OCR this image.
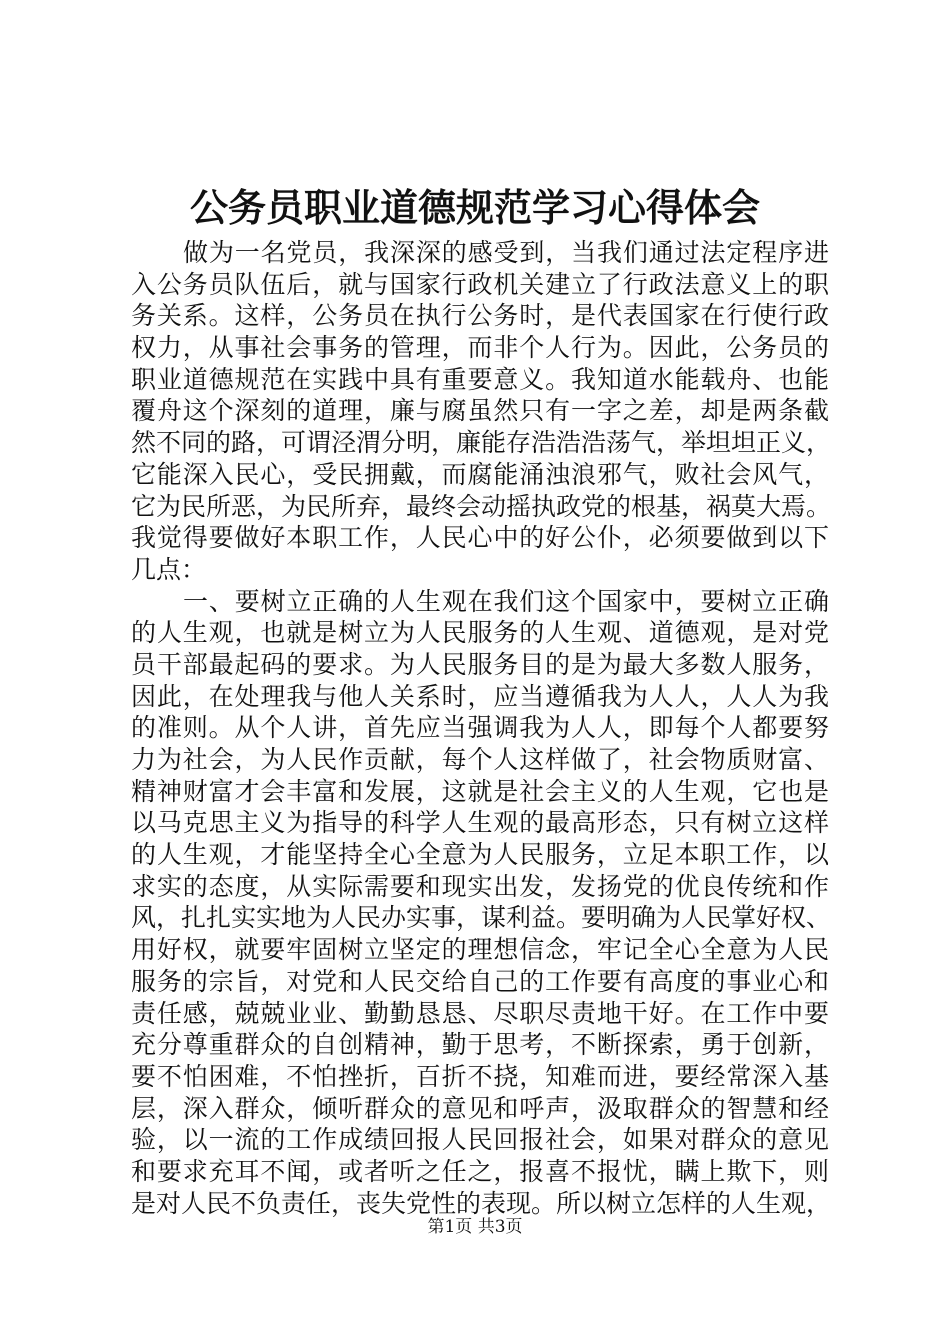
公务员职业道德规范学习心得体会
做为一名党员，我深深的感受到，当我们通过法定程序进
入公务员队伍后，就与国家行政机关建立了行政法意义上的职
务关系。这样，公务员在执行公务时，是代表国家在行使行政
权力，从事社会事务的管理，而非个人行为。因此，公务员的
职业道德规范在实践中具有重要意义。我知道水能载舟、也能
覆舟这个深刻的道理，廉与腐虽然只有一字之差，却是两条截
然不同的路，可谓泾渭分明，廉能存浩浩浩荡气，举坦坦正义，
它能深入民心，受民拥戴，而腐能涌浊浪邪气，败社会风气，
它为民所恶，为民所弃，最终会动摇执政党的根基，祸莫大焉。
我觉得要做好本职工作，人民心中的好公仆，必须要做到以下
几点：
一、要树立正确的人生观在我们这个国家中，要树立正确
的人生观，也就是树立为人民服务的人生观、道德观，是对党
员干部最起码的要求。为人民服务目的是为最大多数人服务，
因此，在处理我与他人关系时，应当遵循我为人人，人人为我
的准则。从个人讲，首先应当强调我为人人，即每个人都要努
力为社会，为人民作贡献，每个人这样做了，社会物质财富、
精神财富才会丰富和发展，这就是社会主义的人生观，它也是
以马克思主义为指导的科学人生观的最高形态，只有树立这样
的人生观，才能坚持全心全意为人民服务，立足本职工作，以
求实的态度，从实际需要和现实出发，发扬党的优良传统和作
风，扎扎实实地为人民办实事，谋利益。要明确为人民掌好权、
用好权，就要牢固树立坚定的理想信念，牢记全心全意为人民
服务的宗旨，对党和人民交给自己的工作要有高度的事业心和
责任感，兢兢业业、勤勤恳恳、尽职尽责地干好。在工作中要
充分尊重群众的自创精神，勤于思考，不断探索，勇于创新，
要不怕困难，不怕挫折，百折不挠，知难而进，要经常深入基
层，深入群众，倾听群众的意见和呼声，汲取群众的智慧和经
验，以一流的工作成绩回报人民回报社会，如果对群众的意见
和要求充耳不闻，或者听之任之，报喜不报忧，瞒上欺下，则
是对人民不负责任，丧失党性的表现。所以树立怎样的人生观，
第1页 共3页
